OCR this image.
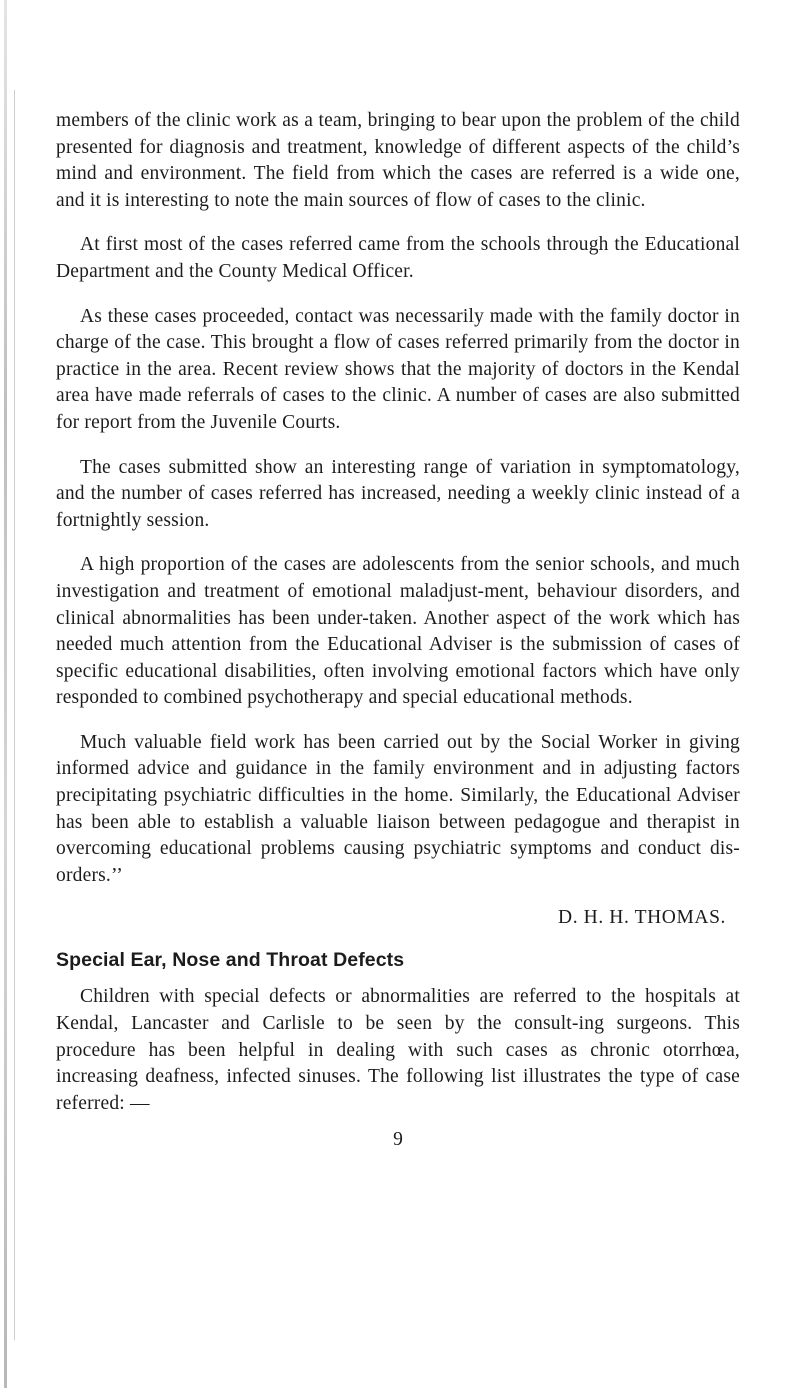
members of the clinic work as a team, bringing to bear upon the problem of the child presented for diagnosis and treatment, knowledge of different aspects of the child’s mind and environment. The field from which the cases are referred is a wide one, and it is interesting to note the main sources of flow of cases to the clinic.

At first most of the cases referred came from the schools through the Educational Department and the County Medical Officer.

As these cases proceeded, contact was necessarily made with the family doctor in charge of the case. This brought a flow of cases referred primarily from the doctor in practice in the area. Recent review shows that the majority of doctors in the Kendal area have made referrals of cases to the clinic. A number of cases are also submitted for report from the Juvenile Courts.

The cases submitted show an interesting range of variation in symptomatology, and the number of cases referred has increased, needing a weekly clinic instead of a fortnightly session.

A high proportion of the cases are adolescents from the senior schools, and much investigation and treatment of emotional maladjust-ment, behaviour disorders, and clinical abnormalities has been under-taken. Another aspect of the work which has needed much attention from the Educational Adviser is the submission of cases of specific educational disabilities, often involving emotional factors which have only responded to combined psychotherapy and special educational methods.

Much valuable field work has been carried out by the Social Worker in giving informed advice and guidance in the family environment and in adjusting factors precipitating psychiatric difficulties in the home. Similarly, the Educational Adviser has been able to establish a valuable liaison between pedagogue and therapist in overcoming educational problems causing psychiatric symptoms and conduct dis-orders.’’

D. H. H. THOMAS.
Special Ear, Nose and Throat Defects

Children with special defects or abnormalities are referred to the hospitals at Kendal, Lancaster and Carlisle to be seen by the consult-ing surgeons. This procedure has been helpful in dealing with such cases as chronic otorrhœa, increasing deafness, infected sinuses. The following list illustrates the type of case referred: —

9
